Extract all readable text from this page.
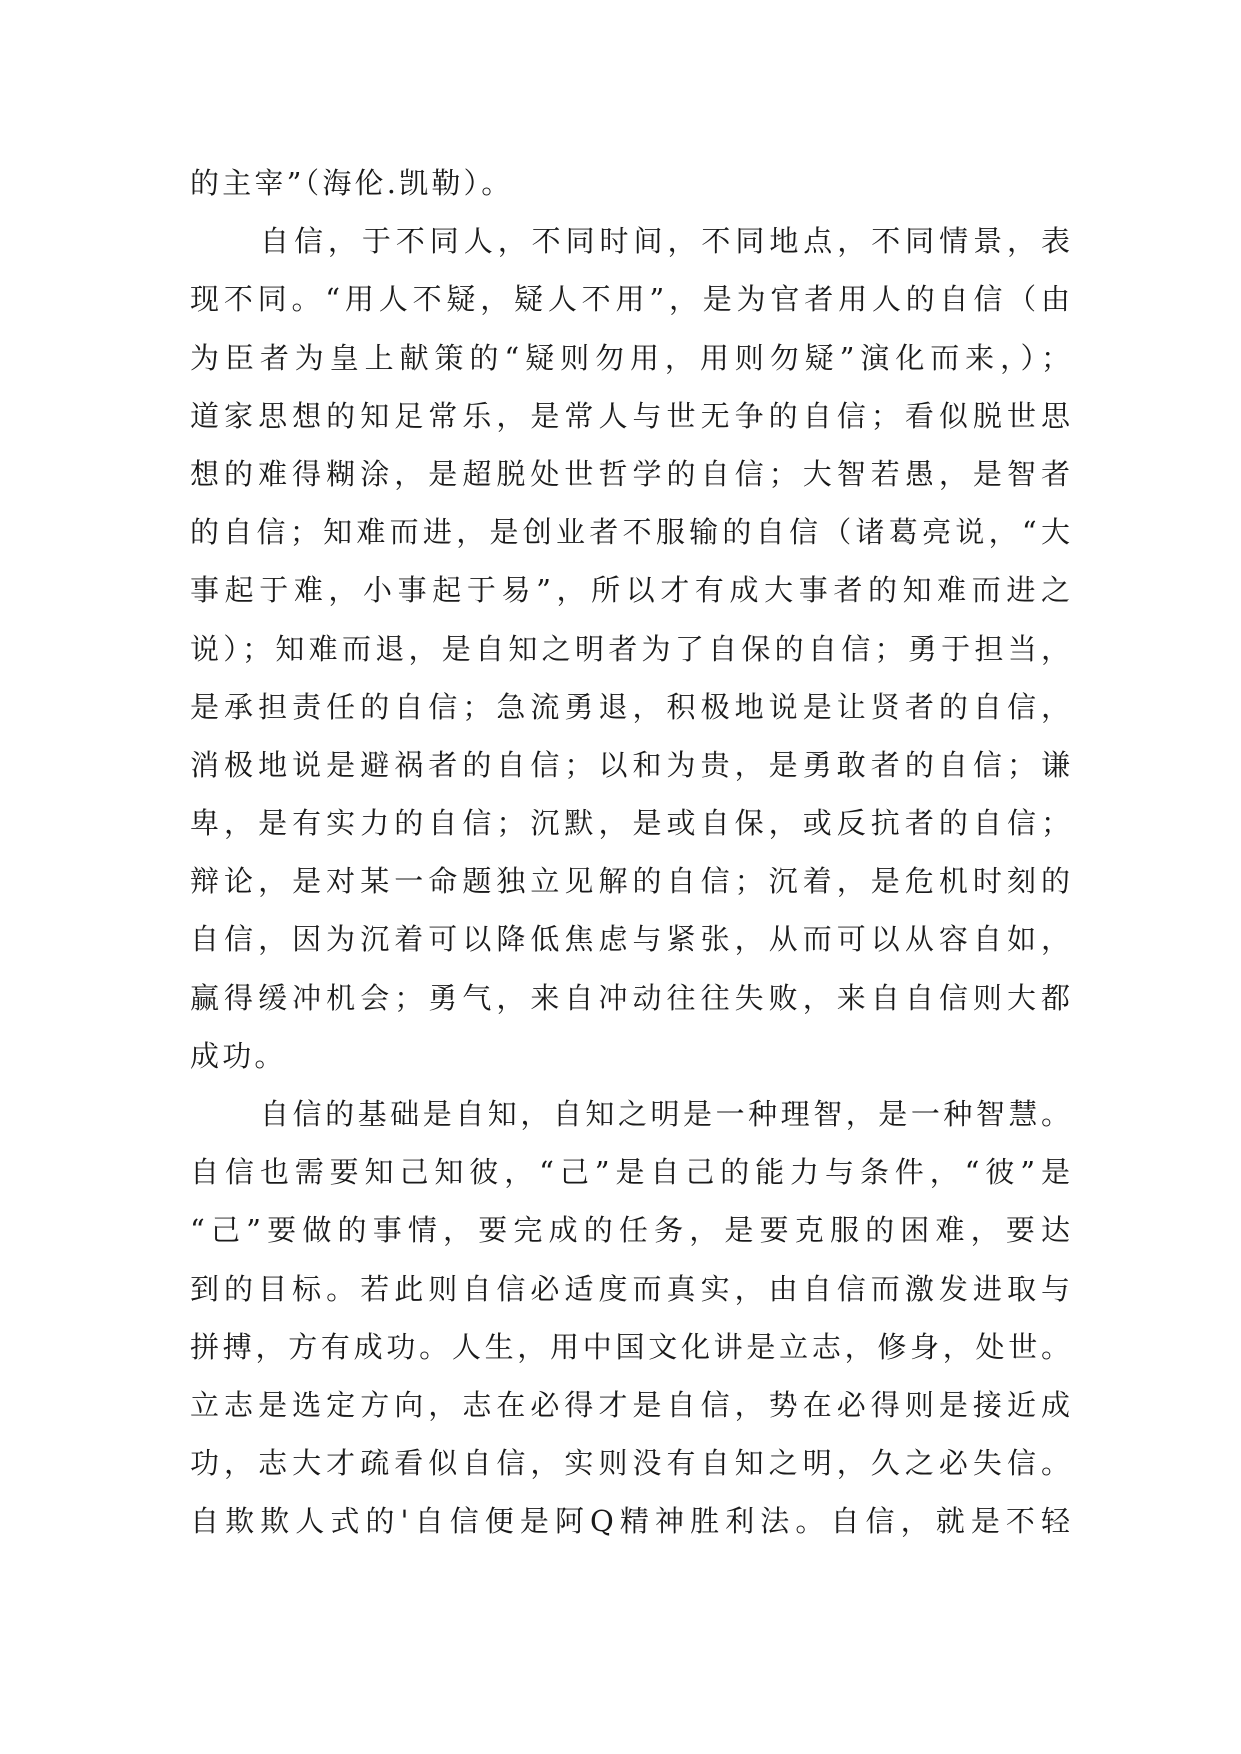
的主宰”（海伦.凯勒）。
自信，于不同人，不同时间，不同地点，不同情景，表
现不同。“用人不疑，疑人不用”，是为官者用人的自信（由
为臣者为皇上献策的“疑则勿用，用则勿疑”演化而来，）；
道家思想的知足常乐，是常人与世无争的自信；看似脱世思
想的难得糊涂，是超脱处世哲学的自信；大智若愚，是智者
的自信；知难而进，是创业者不服输的自信（诸葛亮说，“大
事起于难，小事起于易”，所以才有成大事者的知难而进之
说）；知难而退，是自知之明者为了自保的自信；勇于担当，
是承担责任的自信；急流勇退，积极地说是让贤者的自信，
消极地说是避祸者的自信；以和为贵，是勇敢者的自信；谦
卑，是有实力的自信；沉默，是或自保，或反抗者的自信；
辩论，是对某一命题独立见解的自信；沉着，是危机时刻的
自信，因为沉着可以降低焦虑与紧张，从而可以从容自如，
赢得缓冲机会；勇气，来自冲动往往失败，来自自信则大都
成功。
自信的基础是自知，自知之明是一种理智，是一种智慧。
自信也需要知己知彼，“己”是自己的能力与条件，“彼”是
“己”要做的事情，要完成的任务，是要克服的困难，要达
到的目标。若此则自信必适度而真实，由自信而激发进取与
拼搏，方有成功。人生，用中国文化讲是立志，修身，处世。
立志是选定方向，志在必得才是自信，势在必得则是接近成
功，志大才疏看似自信，实则没有自知之明，久之必失信。
自欺欺人式的'自信便是阿Q精神胜利法。自信，就是不轻
